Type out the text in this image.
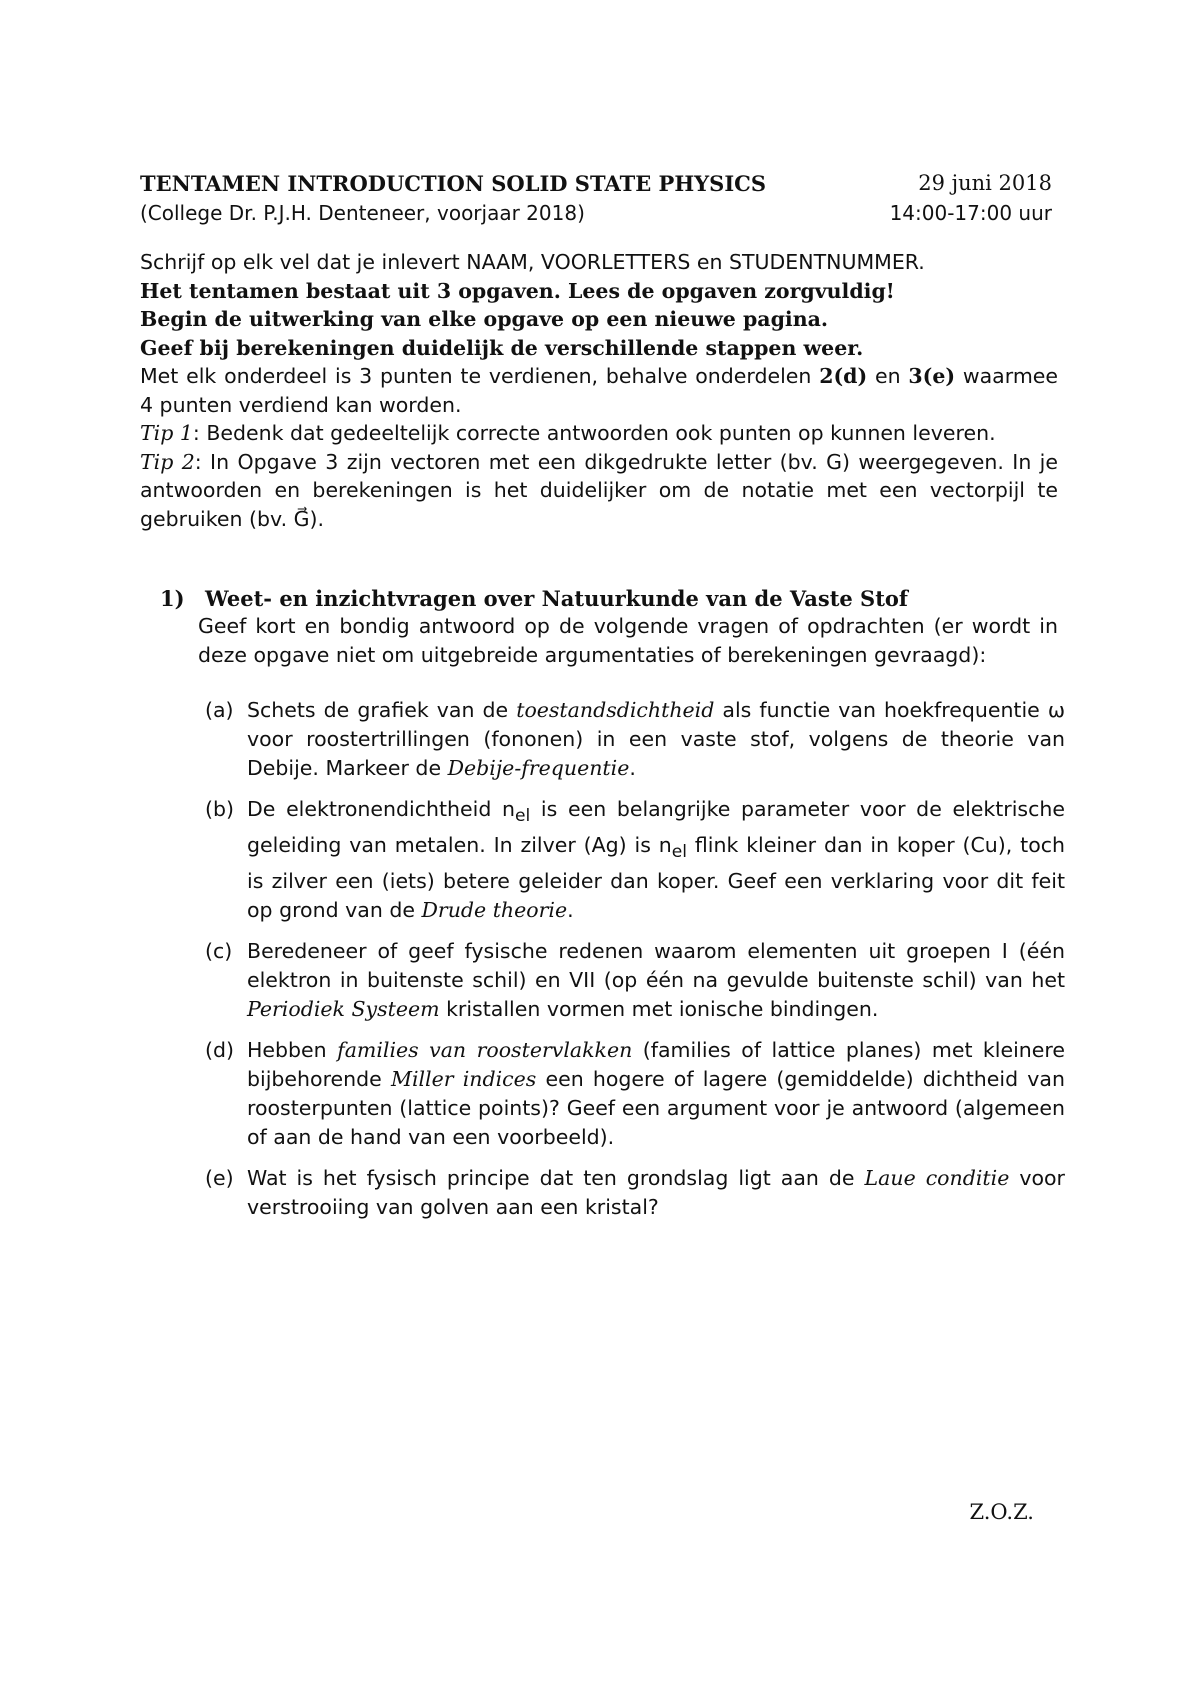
TENTAMEN INTRODUCTION SOLID STATE PHYSICS	29 juni 2018
(College Dr. P.J.H. Denteneer, voorjaar 2018)	14:00-17:00 uur

Schrijf op elk vel dat je inlevert NAAM, VOORLETTERS en STUDENTNUMMER.

Het tentamen bestaat uit 3 opgaven. Lees de opgaven zorgvuldig!

Begin de uitwerking van elke opgave op een nieuwe pagina.

Geef bij berekeningen duidelijk de verschillende stappen weer.

Met elk onderdeel is 3 punten te verdienen, behalve onderdelen 2(d) en 3(e) waarmee 4 punten verdiend kan worden.

Tip 1: Bedenk dat gedeeltelijk correcte antwoorden ook punten op kunnen leveren.

Tip 2: In Opgave 3 zijn vectoren met een dikgedrukte letter (bv. G) weergegeven. In je antwoorden en berekeningen is het duidelijker om de notatie met een vectorpijl te gebruiken (bv. G⃗).

1) Weet- en inzichtvragen over Natuurkunde van de Vaste Stof
Geef kort en bondig antwoord op de volgende vragen of opdrachten (er wordt in deze opgave niet om uitgebreide argumentaties of berekeningen gevraagd):
(a) Schets de grafiek van de toestandsdichtheid als functie van hoekfrequentie ω voor roostertrillingen (fononen) in een vaste stof, volgens de theorie van Debije. Markeer de Debije-frequentie.
(b) De elektronendichtheid $n_{el}$ is een belangrijke parameter voor de elektrische geleiding van metalen. In zilver (Ag) is $n_{el}$ flink kleiner dan in koper (Cu), toch is zilver een (iets) betere geleider dan koper. Geef een verklaring voor dit feit op grond van de Drude theorie.
(c) Beredeneer of geef fysische redenen waarom elementen uit groepen I (één elektron in buitenste schil) en VII (op één na gevulde buitenste schil) van het Periodiek Systeem kristallen vormen met ionische bindingen.
(d) Hebben families van roostervlakken (families of lattice planes) met kleinere bijbehorende Miller indices een hogere of lagere (gemiddelde) dichtheid van roosterpunten (lattice points)? Geef een argument voor je antwoord (algemeen of aan de hand van een voorbeeld).
(e) Wat is het fysisch principe dat ten grondslag ligt aan de Laue conditie voor verstrooiing van golven aan een kristal?
Z.O.Z.
